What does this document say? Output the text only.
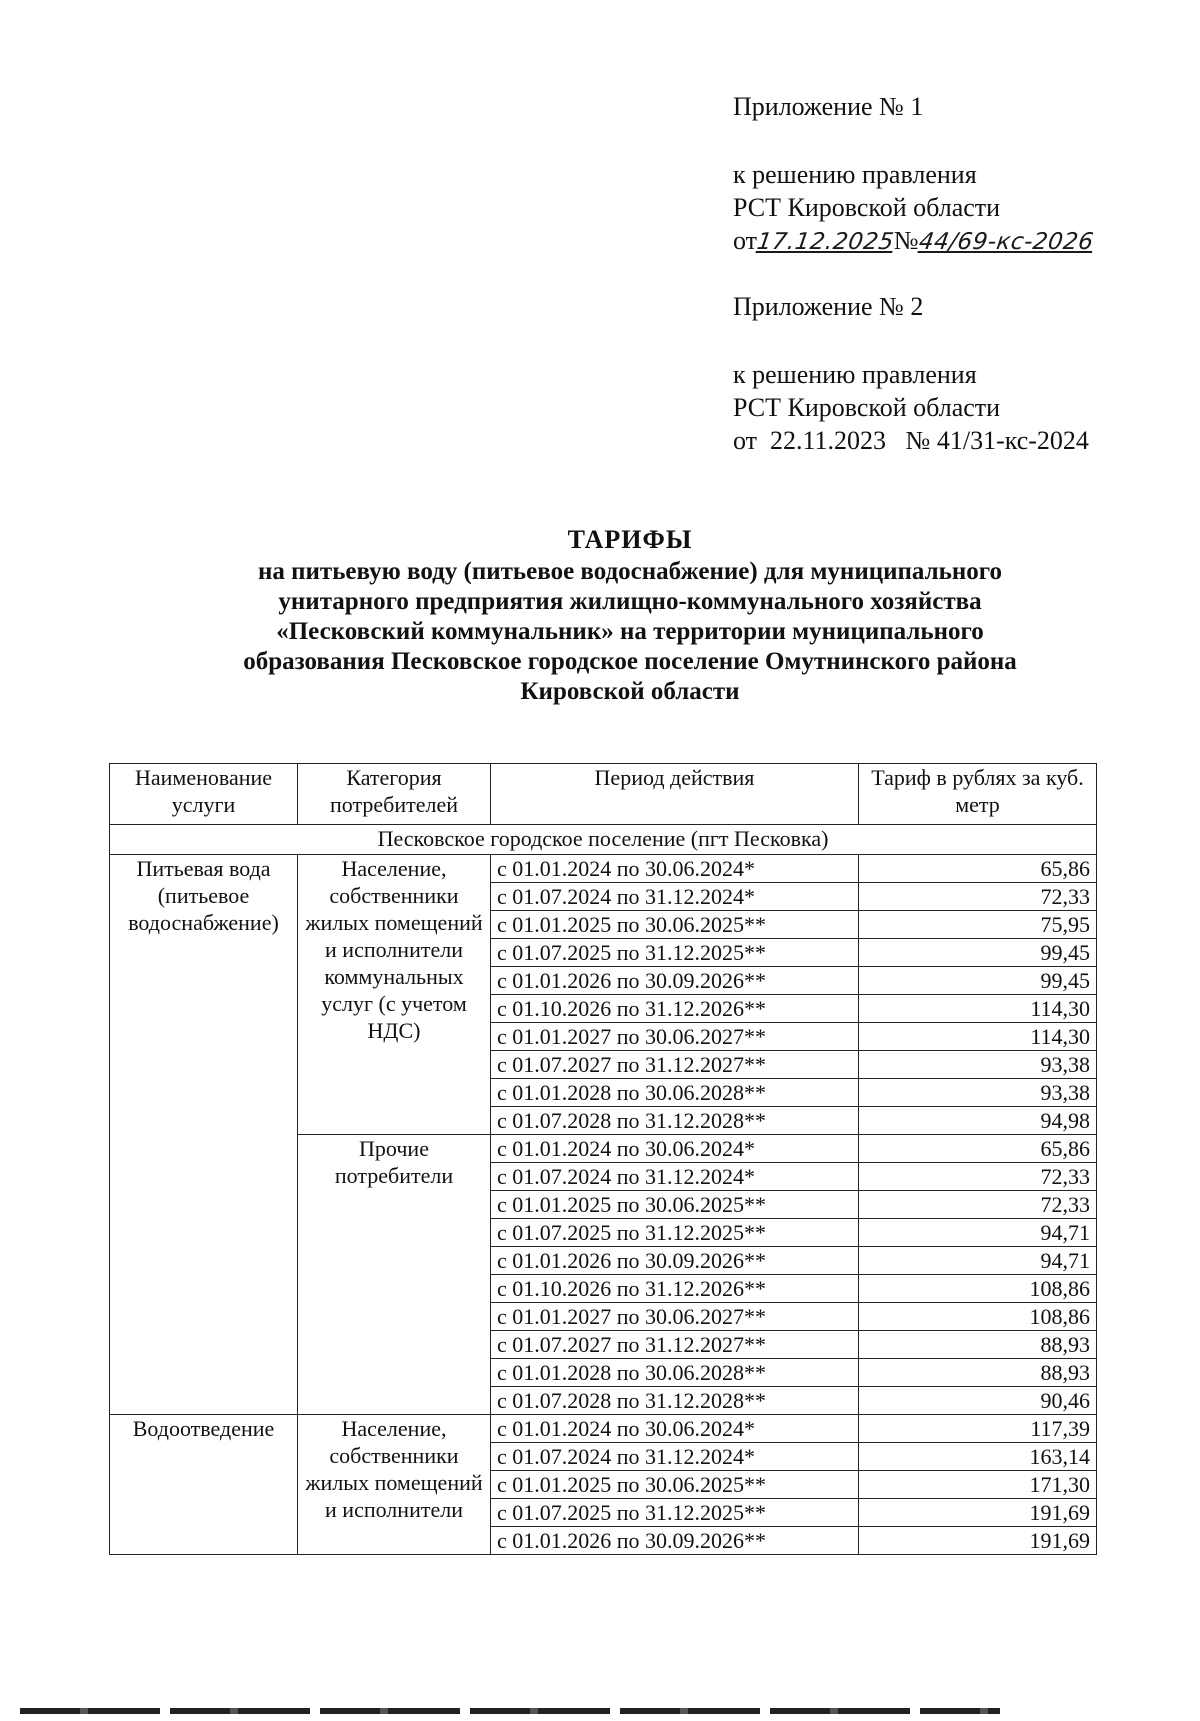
Приложение № 1
к решению правления
РСТ Кировской области
от17.12.2025№44/69-кс-2026
Приложение № 2
к решению правления
РСТ Кировской области
от  22.11.2023   № 41/31-кс-2024
ТАРИФЫ
на питьевую воду (питьевое водоснабжение) для муниципального
унитарного предприятия жилищно-коммунального хозяйства
«Песковский коммунальник» на территории муниципального
образования Песковское городское поселение Омутнинского района
Кировской области
Наименование услуги	Категория потребителей	Период действия	Тариф в рублях за куб. метр
Песковское городское поселение (пгт Песковка)			
Питьевая вода (питьевое водоснабжение)	Население, собственники жилых помещений и исполнители коммунальных услуг (с учетом НДС)	с 01.01.2024 по 30.06.2024*	65,86
		с 01.07.2024 по 31.12.2024*	72,33
		с 01.01.2025 по 30.06.2025**	75,95
		с 01.07.2025 по 31.12.2025**	99,45
		с 01.01.2026 по 30.09.2026**	99,45
		с 01.10.2026 по 31.12.2026**	114,30
		с 01.01.2027 по 30.06.2027**	114,30
		с 01.07.2027 по 31.12.2027**	93,38
		с 01.01.2028 по 30.06.2028**	93,38
		с 01.07.2028 по 31.12.2028**	94,98
	Прочие потребители	с 01.01.2024 по 30.06.2024*	65,86
		с 01.07.2024 по 31.12.2024*	72,33
		с 01.01.2025 по 30.06.2025**	72,33
		с 01.07.2025 по 31.12.2025**	94,71
		с 01.01.2026 по 30.09.2026**	94,71
		с 01.10.2026 по 31.12.2026**	108,86
		с 01.01.2027 по 30.06.2027**	108,86
		с 01.07.2027 по 31.12.2027**	88,93
		с 01.01.2028 по 30.06.2028**	88,93
		с 01.07.2028 по 31.12.2028**	90,46
Водоотведение	Население, собственники жилых помещений и исполнители	с 01.01.2024 по 30.06.2024*	117,39
		с 01.07.2024 по 31.12.2024*	163,14
		с 01.01.2025 по 30.06.2025**	171,30
		с 01.07.2025 по 31.12.2025**	191,69
		с 01.01.2026 по 30.09.2026**	191,69
